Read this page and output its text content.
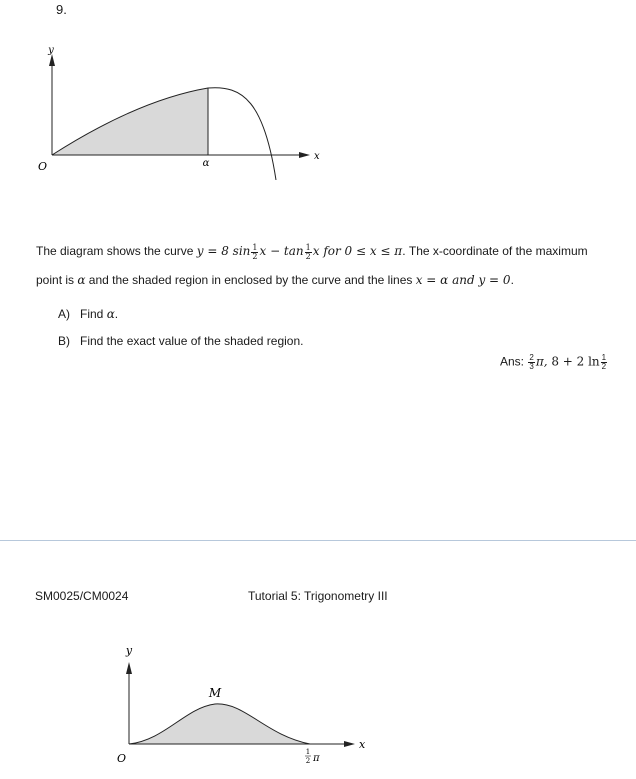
9.
y
x
O	α
The diagram shows the curve y = 8 $\sin \frac{1}{2}$ $x - \tan \frac{1}{2}$ x for 0 ≤ x ≤ π. The x-coordinate of the maximum
point is α and the shaded region in enclosed by the curve and the lines x = α and y = 0.
A) Find α.
B) Find the exact value of the shaded region.
Ans: $\frac{2}{3} \pi$, 8 + 2 $\ln \frac{1}{2}$
SM0025/CM0024	Tutorial 5: Trigonometry III
y
x
O
M
1
2 π
